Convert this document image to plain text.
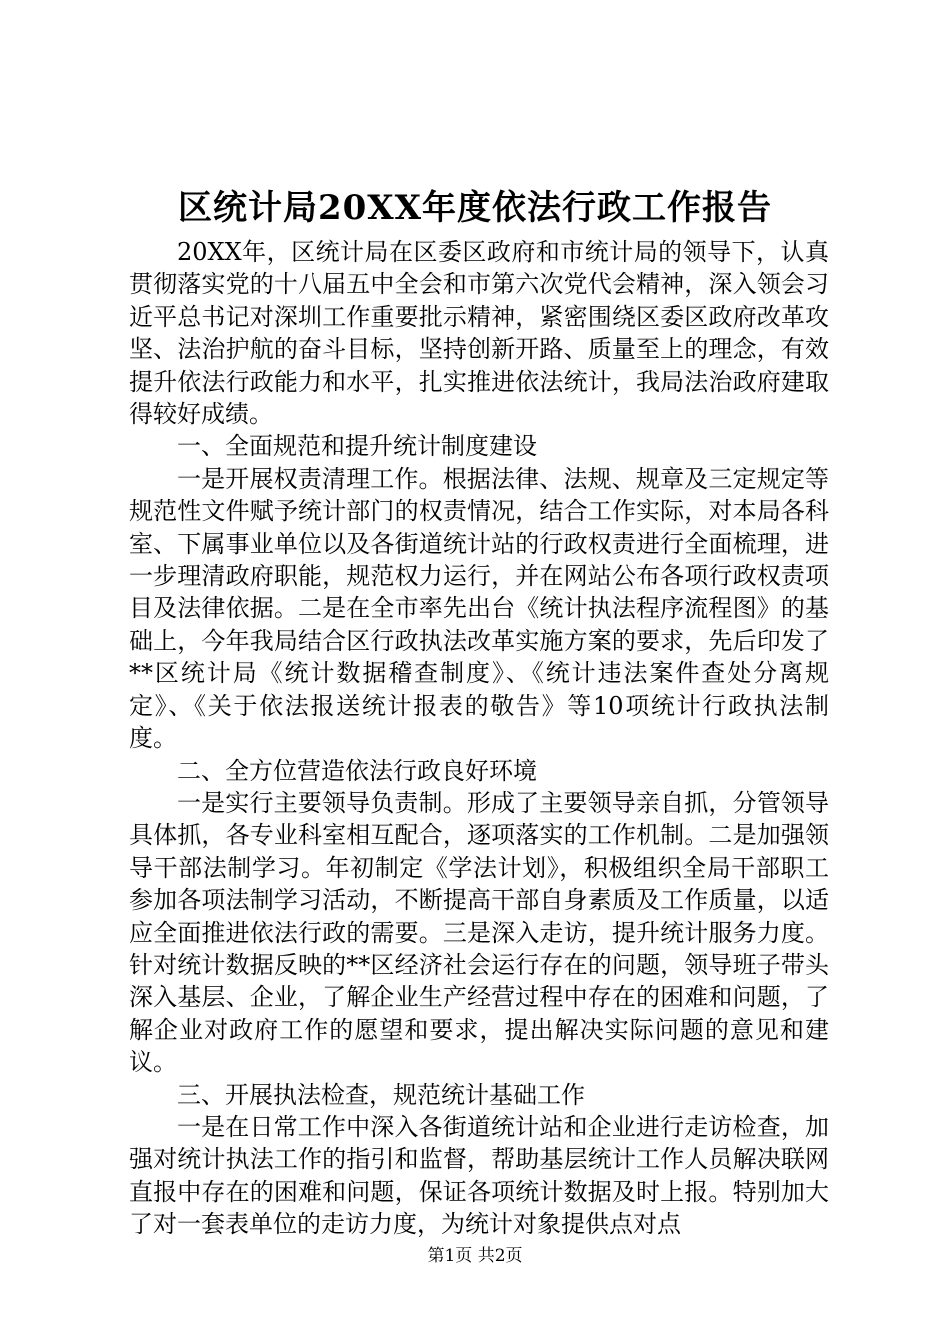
区统计局20XX年度依法行政工作报告

20XX年，区统计局在区委区政府和市统计局的领导下，认真贯彻落实党的十八届五中全会和市第六次党代会精神，深入领会习近平总书记对深圳工作重要批示精神，紧密围绕区委区政府改革攻坚、法治护航的奋斗目标，坚持创新开路、质量至上的理念，有效提升依法行政能力和水平，扎实推进依法统计，我局法治政府建取得较好成绩。

一、全面规范和提升统计制度建设

一是开展权责清理工作。根据法律、法规、规章及三定规定等规范性文件赋予统计部门的权责情况，结合工作实际，对本局各科室、下属事业单位以及各街道统计站的行政权责进行全面梳理，进一步理清政府职能，规范权力运行，并在网站公布各项行政权责项目及法律依据。二是在全市率先出台《统计执法程序流程图》的基础上，今年我局结合区行政执法改革实施方案的要求，先后印发了**区统计局《统计数据稽查制度》、《统计违法案件查处分离规定》、《关于依法报送统计报表的敬告》等10项统计行政执法制度。

二、全方位营造依法行政良好环境

一是实行主要领导负责制。形成了主要领导亲自抓，分管领导具体抓，各专业科室相互配合，逐项落实的工作机制。二是加强领导干部法制学习。年初制定《学法计划》，积极组织全局干部职工参加各项法制学习活动，不断提高干部自身素质及工作质量，以适应全面推进依法行政的需要。三是深入走访，提升统计服务力度。针对统计数据反映的**区经济社会运行存在的问题，领导班子带头深入基层、企业，了解企业生产经营过程中存在的困难和问题，了解企业对政府工作的愿望和要求，提出解决实际问题的意见和建议。

三、开展执法检查，规范统计基础工作

一是在日常工作中深入各街道统计站和企业进行走访检查，加强对统计执法工作的指引和监督，帮助基层统计工作人员解决联网直报中存在的困难和问题，保证各项统计数据及时上报。特别加大了对一套表单位的走访力度，为统计对象提供点对点

第1页 共2页
